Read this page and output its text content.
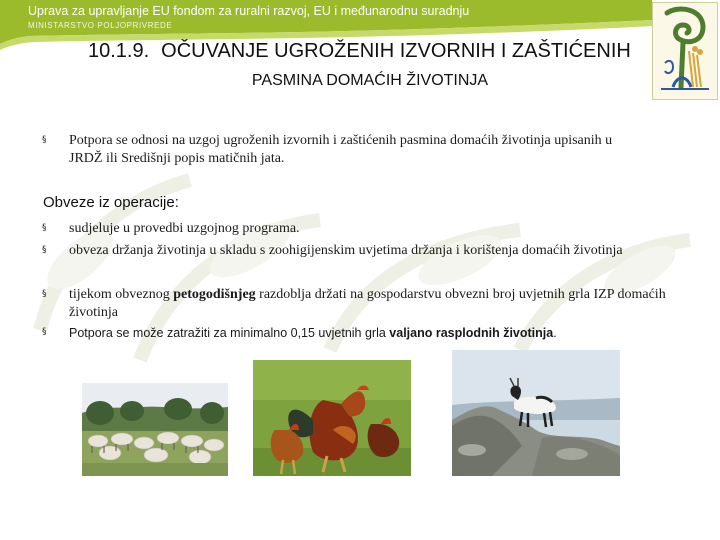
Uprava za upravljanje EU fondom za ruralni razvoj, EU i međunarodnu suradnju
MINISTARSTVO POLJOPRIVREDE
10.1.9. OČUVANJE UGROŽENIH IZVORNIH I ZAŠTIĆENIH
PASMINA DOMAĆIH ŽIVOTINJA
§	Potpora se odnosi na uzgoj ugroženih izvornih i zaštićenih pasmina domaćih životinja upisanih u JRDŽ ili Središnji popis matičnih jata.
Obveze iz operacije:
§	sudjeluje u provedbi uzgojnog programa.
§	obveza držanja životinja u skladu s zoohigijenskim uvjetima držanja i korištenja domaćih životinja
§	tijekom obveznog petogodišnjeg razdoblja držati na gospodarstvu obvezni broj uvjetnih grla IZP domaćih životinja
§	Potpora se može zatražiti za minimalno 0,15 uvjetnih grla valjano rasplodnih životinja.
